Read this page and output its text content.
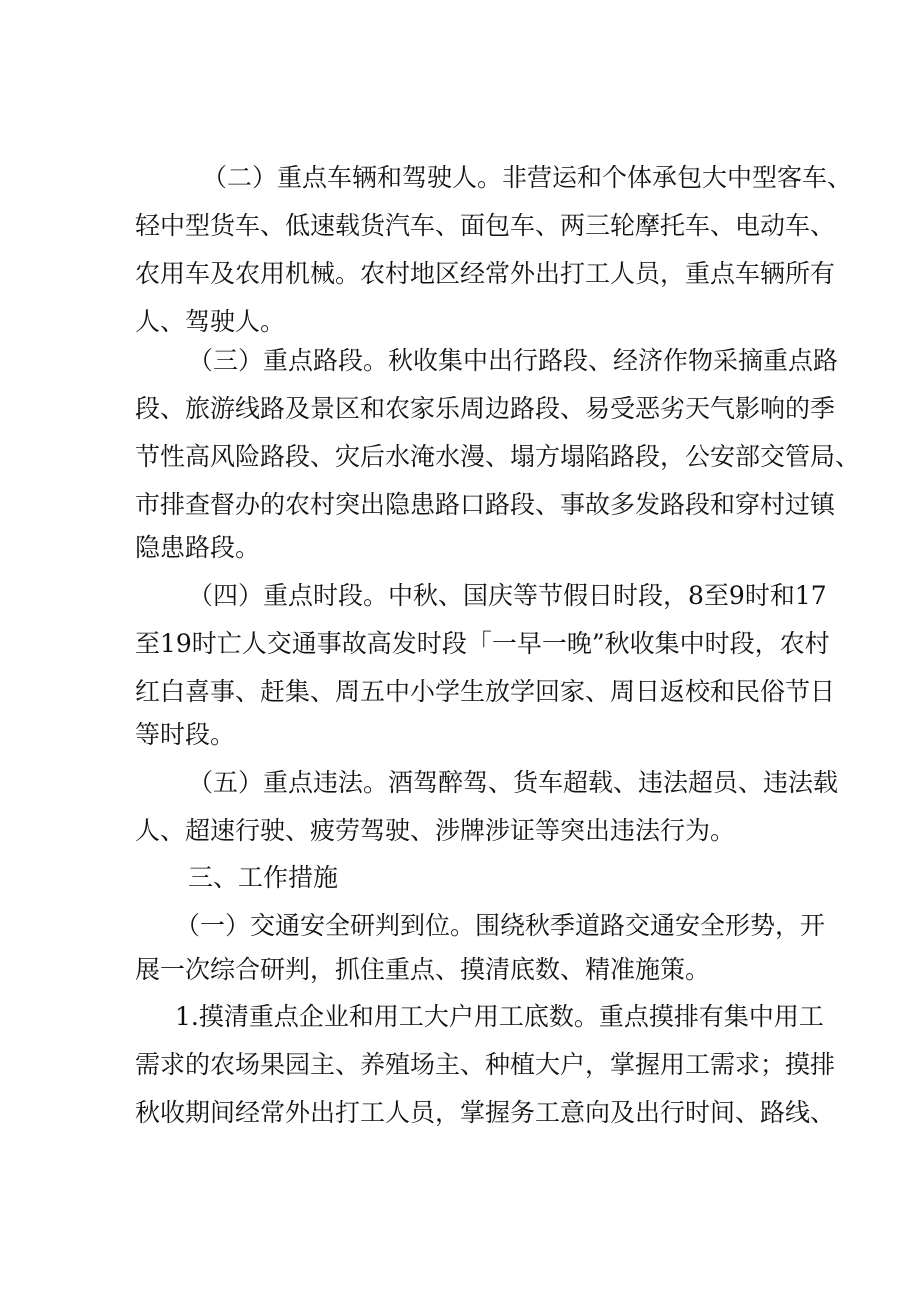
（二）重点车辆和驾驶人。非营运和个体承包大中型客车、
轻中型货车、低速载货汽车、面包车、两三轮摩托车、电动车、
农用车及农用机械。农村地区经常外出打工人员，重点车辆所有
人、驾驶人。
（三）重点路段。秋收集中出行路段、经济作物采摘重点路
段、旅游线路及景区和农家乐周边路段、易受恶劣天气影响的季
节性高风险路段、灾后水淹水漫、塌方塌陷路段，公安部交管局、
市排查督办的农村突出隐患路口路段、事故多发路段和穿村过镇
隐患路段。
（四）重点时段。中秋、国庆等节假日时段，8至9时和17
至19时亡人交通事故高发时段「一早一晚”秋收集中时段，农村
红白喜事、赶集、周五中小学生放学回家、周日返校和民俗节日
等时段。
（五）重点违法。酒驾醉驾、货车超载、违法超员、违法载
人、超速行驶、疲劳驾驶、涉牌涉证等突出违法行为。
三、工作措施
（一）交通安全研判到位。围绕秋季道路交通安全形势，开
展一次综合研判，抓住重点、摸清底数、精准施策。
1.摸清重点企业和用工大户用工底数。重点摸排有集中用工
需求的农场果园主、养殖场主、种植大户，掌握用工需求；摸排
秋收期间经常外出打工人员，掌握务工意向及出行时间、路线、
